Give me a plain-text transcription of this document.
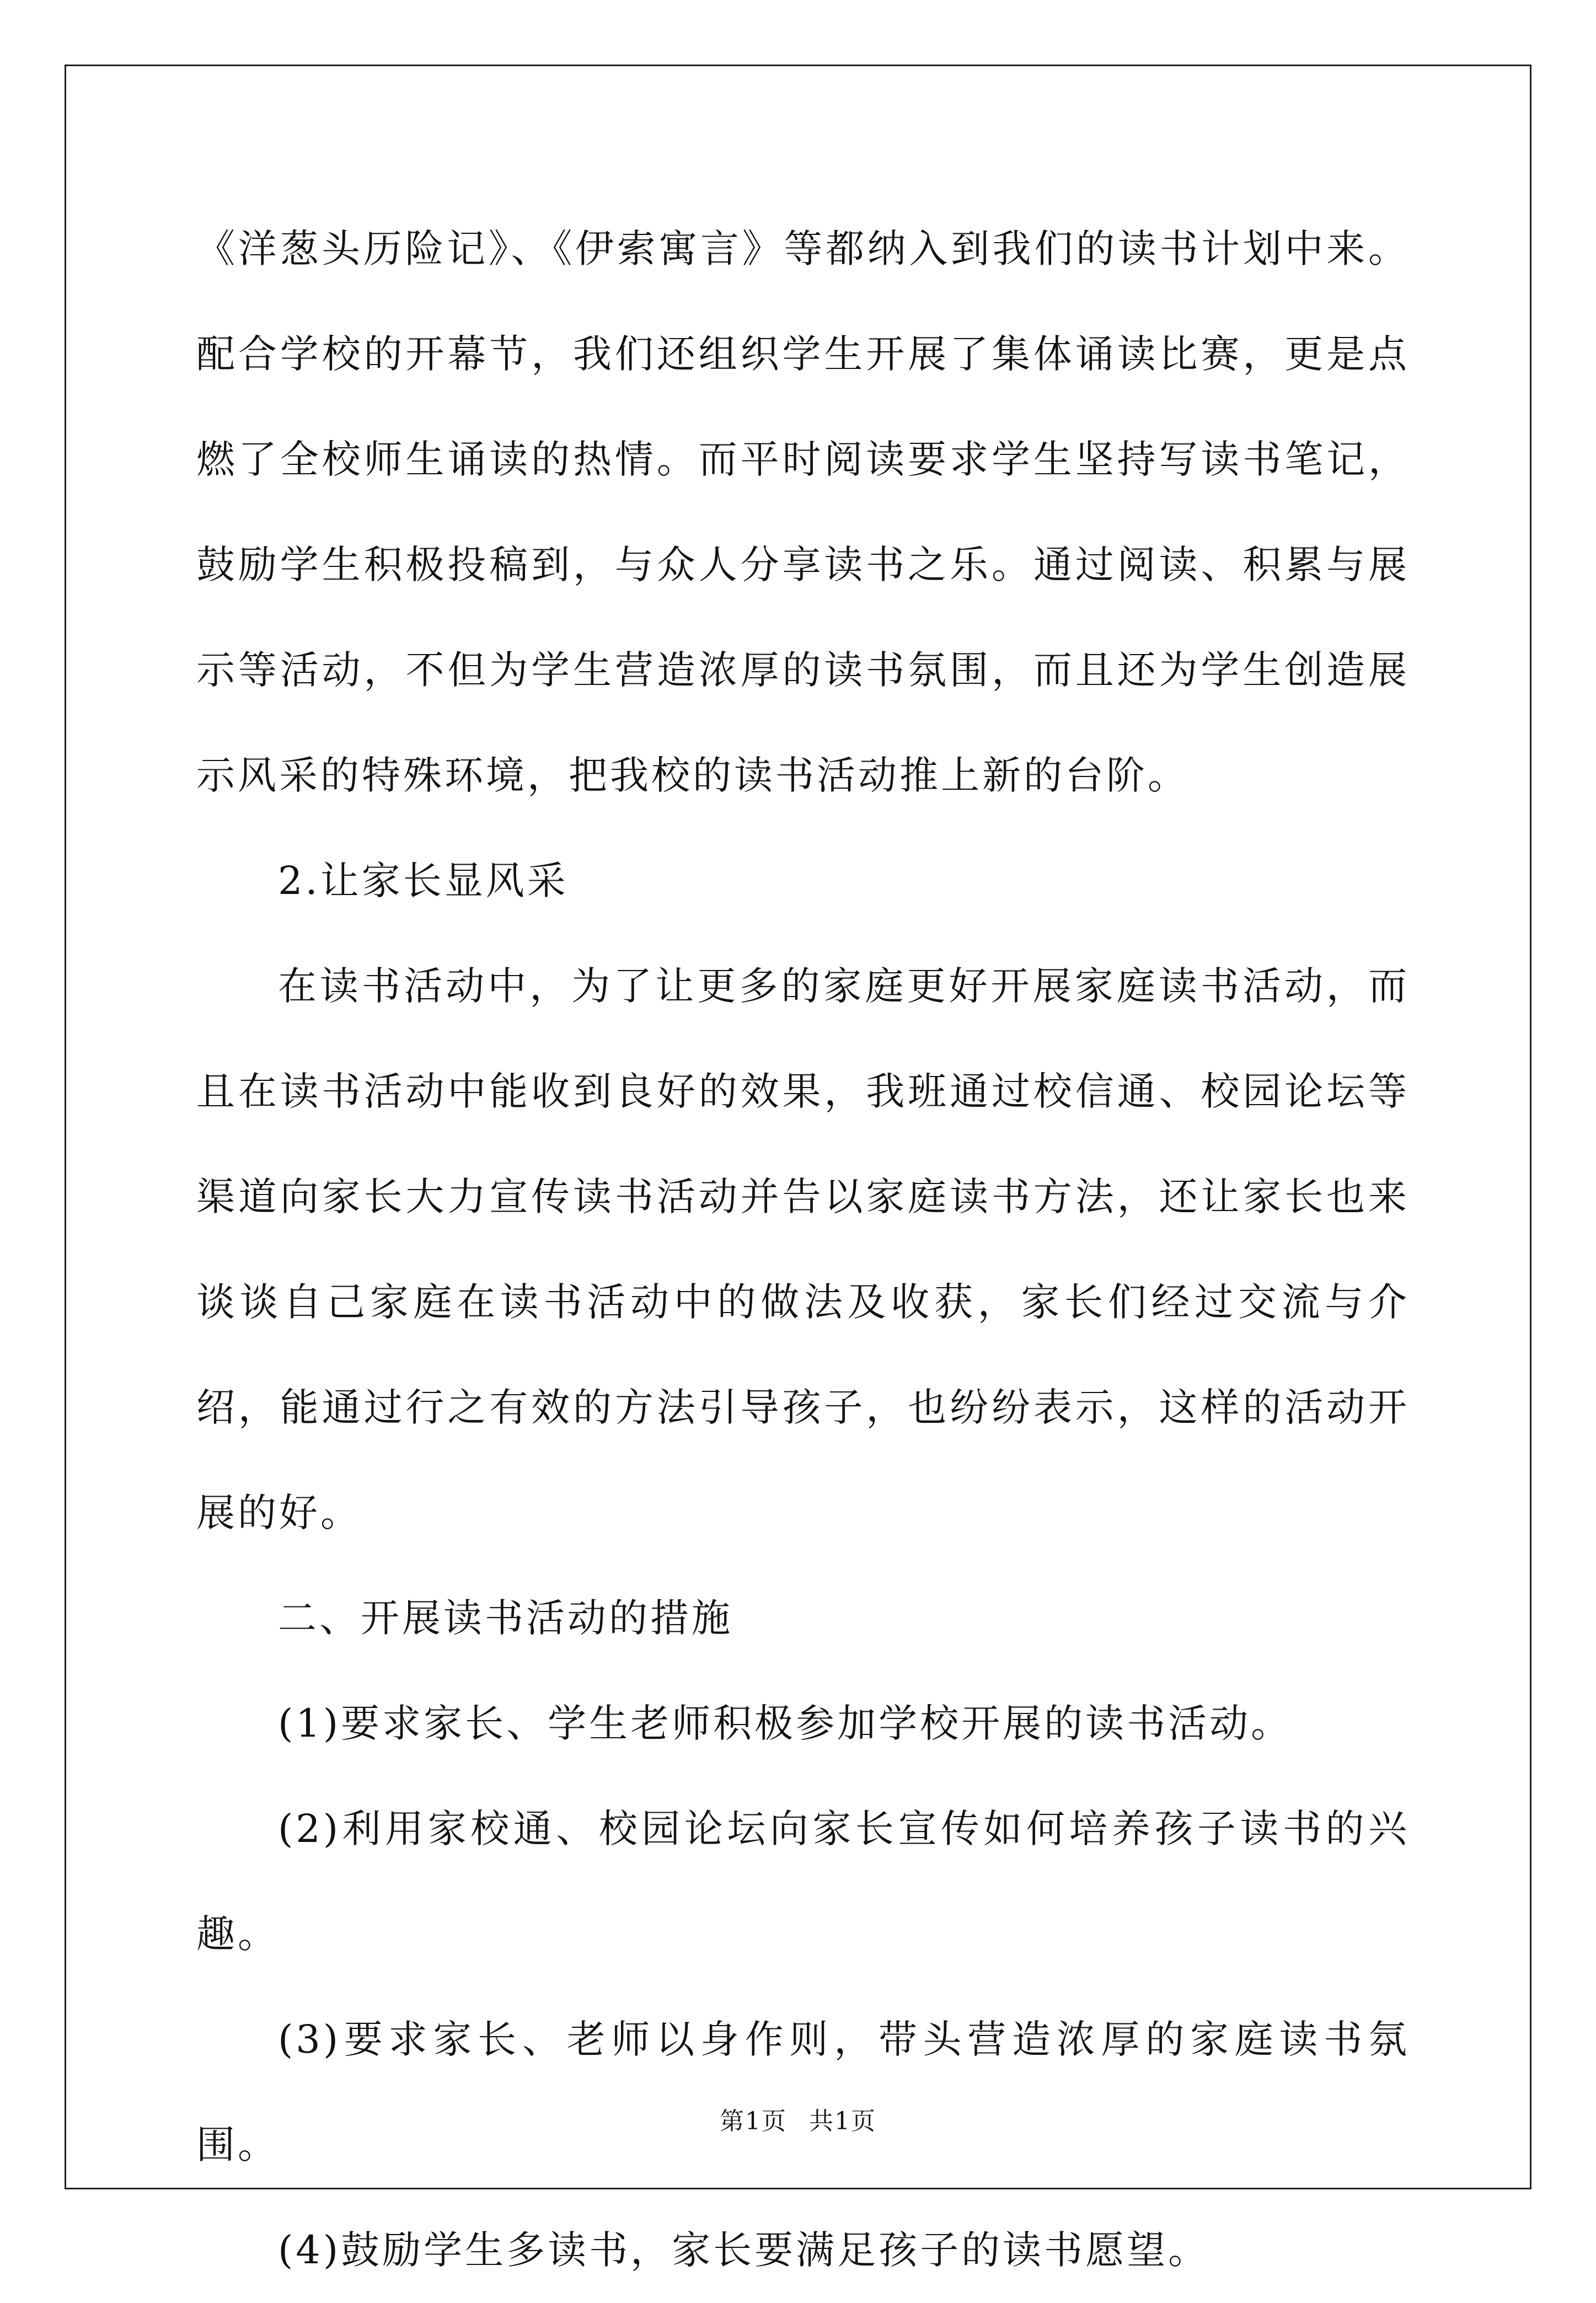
《洋葱头历险记》、《伊索寓言》等都纳入到我们的读书计划中来。配合学校的开幕节，我们还组织学生开展了集体诵读比赛，更是点燃了全校师生诵读的热情。而平时阅读要求学生坚持写读书笔记，鼓励学生积极投稿到，与众人分享读书之乐。通过阅读、积累与展示等活动，不但为学生营造浓厚的读书氛围，而且还为学生创造展示风采的特殊环境，把我校的读书活动推上新的台阶。

2.让家长显风采

在读书活动中，为了让更多的家庭更好开展家庭读书活动，而且在读书活动中能收到良好的效果，我班通过校信通、校园论坛等渠道向家长大力宣传读书活动并告以家庭读书方法，还让家长也来谈谈自己家庭在读书活动中的做法及收获，家长们经过交流与介绍，能通过行之有效的方法引导孩子，也纷纷表示，这样的活动开展的好。

二、开展读书活动的措施

(1)要求家长、学生老师积极参加学校开展的读书活动。

(2)利用家校通、校园论坛向家长宣传如何培养孩子读书的兴趣。

(3)要求家长、老师以身作则，带头营造浓厚的家庭读书氛围。

(4)鼓励学生多读书，家长要满足孩子的读书愿望。

第1页 共1页
